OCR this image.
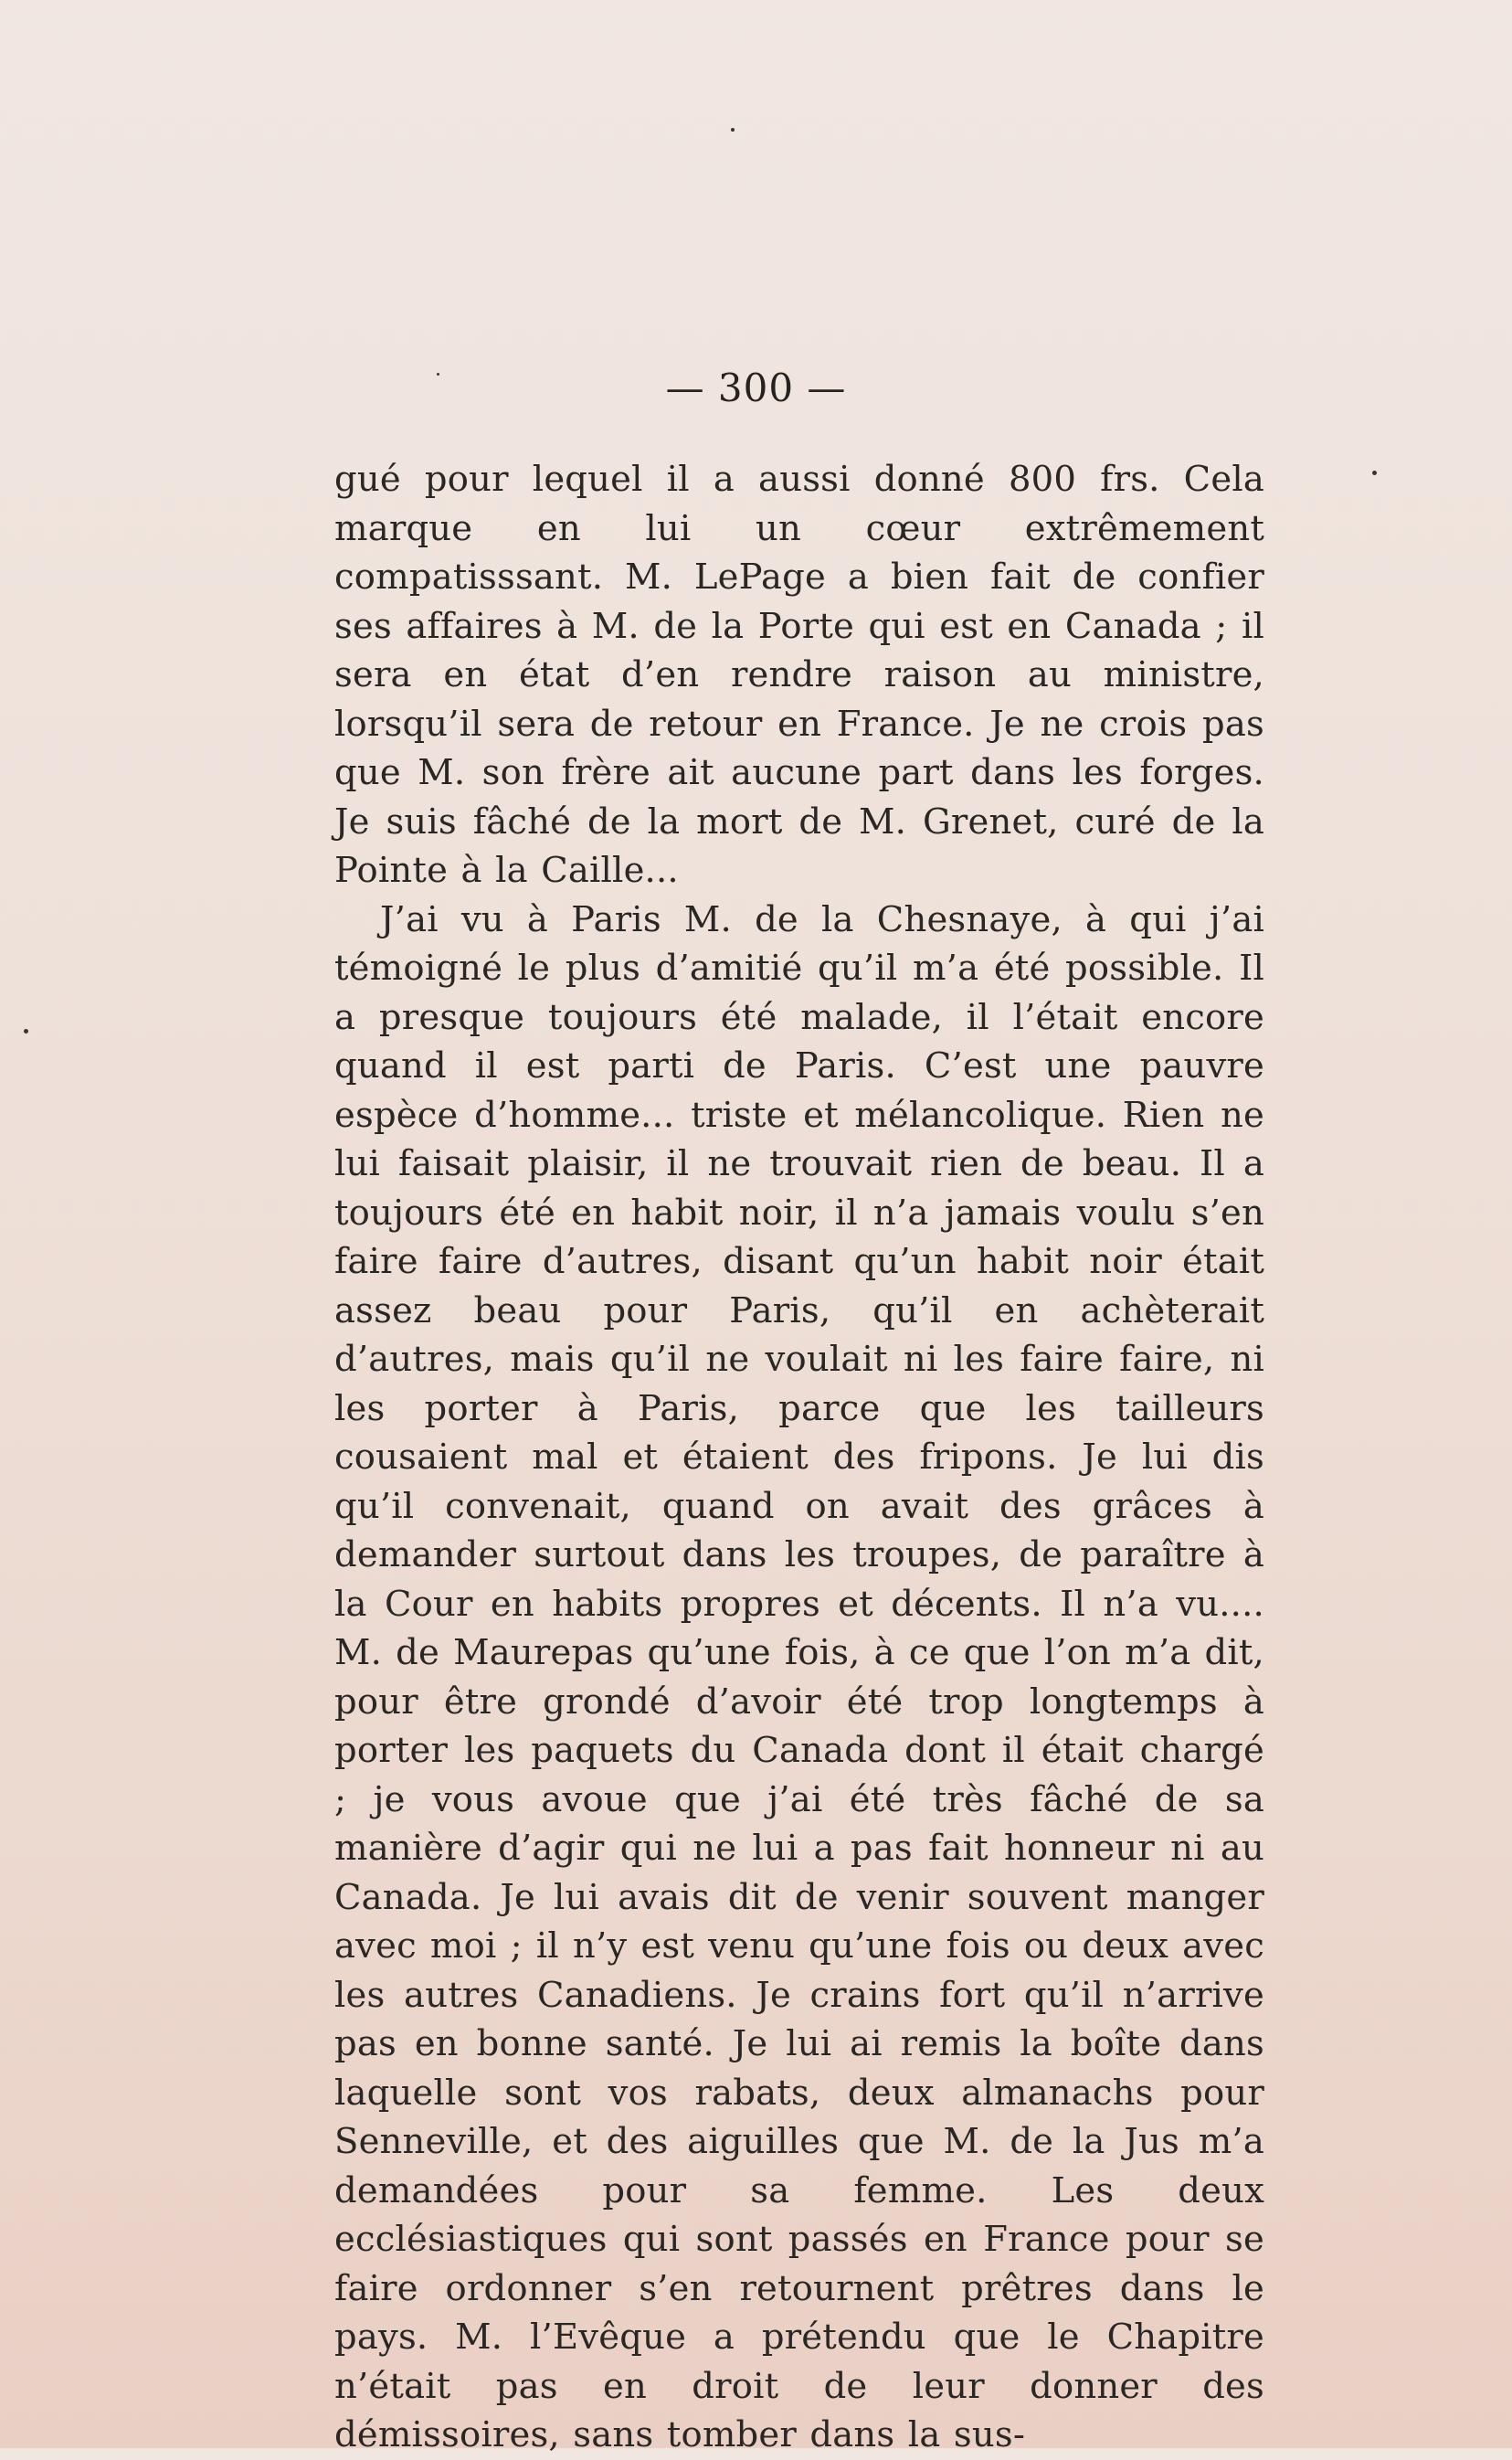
— 300 —

gué pour lequel il a aussi donné 800 frs. Cela marque en lui un cœur extrêmement compatisssant. M. LePage a bien fait de confier ses affaires à M. de la Porte qui est en Canada ; il sera en état d’en rendre raison au ministre, lorsqu’il sera de retour en France. Je ne crois pas que M. son frère ait aucune part dans les forges. Je suis fâché de la mort de M. Grenet, curé de la Pointe à la Caille...

J’ai vu à Paris M. de la Chesnaye, à qui j’ai témoigné le plus d’amitié qu’il m’a été possible. Il a presque toujours été malade, il l’était encore quand il est parti de Paris. C’est une pauvre espèce d’homme... triste et mélancolique. Rien ne lui faisait plaisir, il ne trouvait rien de beau. Il a toujours été en habit noir, il n’a jamais voulu s’en faire faire d’autres, disant qu’un habit noir était assez beau pour Paris, qu’il en achèterait d’autres, mais qu’il ne voulait ni les faire faire, ni les porter à Paris, parce que les tailleurs cousaient mal et étaient des fripons. Je lui dis qu’il convenait, quand on avait des grâces à demander surtout dans les troupes, de paraître à la Cour en habits propres et décents. Il n’a vu.... M. de Maurepas qu’une fois, à ce que l’on m’a dit, pour être grondé d’avoir été trop longtemps à porter les paquets du Canada dont il était chargé ; je vous avoue que j’ai été très fâché de sa manière d’agir qui ne lui a pas fait honneur ni au Canada. Je lui avais dit de venir souvent manger avec moi ; il n’y est venu qu’une fois ou deux avec les autres Canadiens. Je crains fort qu’il n’arrive pas en bonne santé. Je lui ai remis la boîte dans laquelle sont vos rabats, deux almanachs pour Senneville, et des aiguilles que M. de la Jus m’a demandées pour sa femme. Les deux ecclésiastiques qui sont passés en France pour se faire ordonner s’en retournent prêtres dans le pays. M. l’Evêque a prétendu que le Chapitre n’était pas en droit de leur donner des démissoires, sans tomber dans la sus-
